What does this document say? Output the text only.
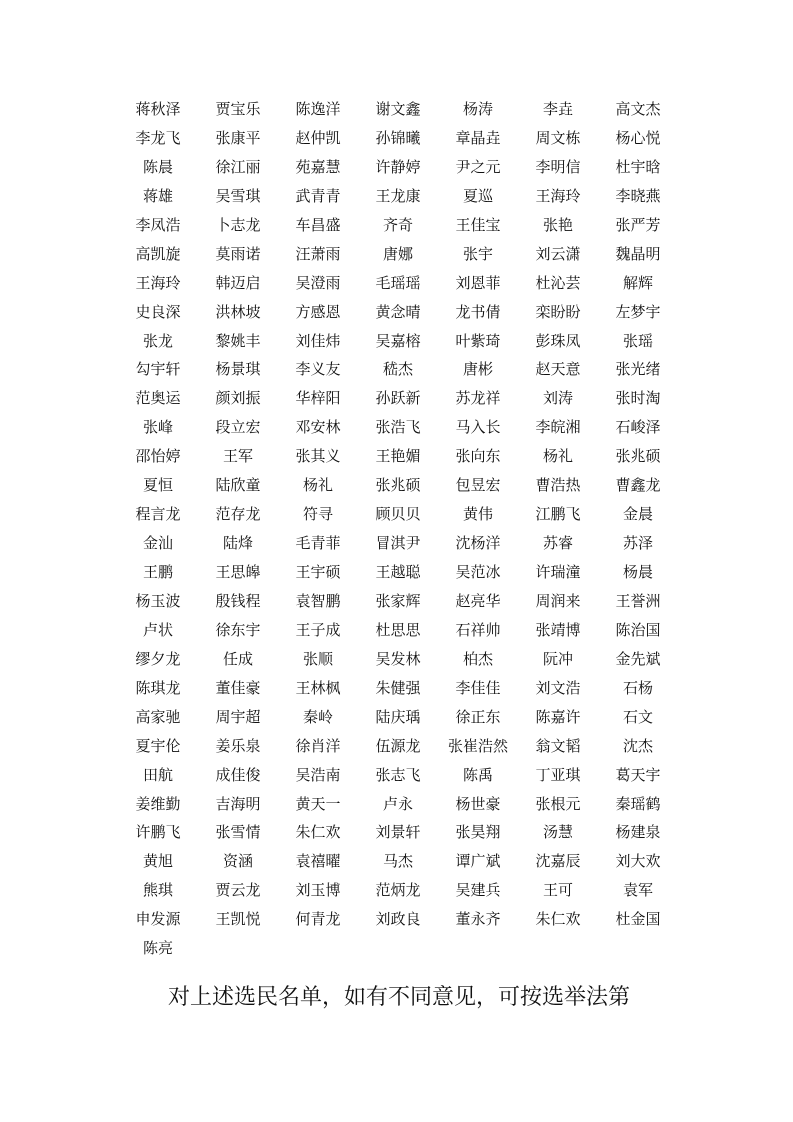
蒋秋泽	贾宝乐	陈逸洋	谢文鑫	杨涛	李垚	高文杰
李龙飞	张康平	赵仲凯	孙锦曦	章晶垚	周文栋	杨心悦
陈晨	徐江丽	苑嘉慧	许静婷	尹之元	李明信	杜宇晗
蒋雄	吴雪琪	武青青	王龙康	夏巡	王海玲	李晓燕
李凤浩	卜志龙	车昌盛	齐奇	王佳宝	张艳	张严芳
高凯旋	莫雨诺	汪萧雨	唐娜	张宇	刘云潇	魏晶明
王海玲	韩迈启	吴澄雨	毛瑶瑶	刘恩菲	杜沁芸	解辉
史良深	洪林坡	方感恩	黄念晴	龙书倩	栾盼盼	左梦宇
张龙	黎姚丰	刘佳炜	吴嘉榕	叶紫琦	彭珠凤	张瑶
勾宇轩	杨景琪	李义友	嵇杰	唐彬	赵天意	张光绪
范奥运	颜刘振	华梓阳	孙跃新	苏龙祥	刘涛	张时淘
张峰	段立宏	邓安林	张浩飞	马入长	李皖湘	石峻泽
邵怡婷	王军	张其义	王艳媚	张向东	杨礼	张兆硕
夏恒	陆欣童	杨礼	张兆硕	包昱宏	曹浩热	曹鑫龙
程言龙	范存龙	符寻	顾贝贝	黄伟	江鹏飞	金晨
金汕	陆烽	毛青菲	冒淇尹	沈杨洋	苏睿	苏泽
王鹏	王思皞	王宇硕	王越聪	吴范冰	许瑞潼	杨晨
杨玉波	殷钱程	袁智鹏	张家辉	赵亮华	周润来	王誉洲
卢状	徐东宇	王子成	杜思思	石祥帅	张靖博	陈治国
缪夕龙	任成	张顺	吴发林	柏杰	阮冲	金先斌
陈琪龙	董佳豪	王林枫	朱健强	李佳佳	刘文浩	石杨
高家驰	周宇超	秦岭	陆庆瑀	徐正东	陈嘉许	石文
夏宇伦	姜乐泉	徐肖洋	伍源龙	张崔浩然	翁文韬	沈杰
田航	成佳俊	吴浩南	张志飞	陈禹	丁亚琪	葛天宇
姜维勤	吉海明	黄天一	卢永	杨世豪	张根元	秦瑶鹤
许鹏飞	张雪情	朱仁欢	刘景轩	张昊翔	汤慧	杨建泉
黄旭	资涵	袁禧曜	马杰	谭广斌	沈嘉辰	刘大欢
熊琪	贾云龙	刘玉博	范炳龙	吴建兵	王可	袁军
申发源	王凯悦	何青龙	刘政良	董永齐	朱仁欢	杜金国
陈亮
对上述选民名单，如有不同意见，可按选举法第
